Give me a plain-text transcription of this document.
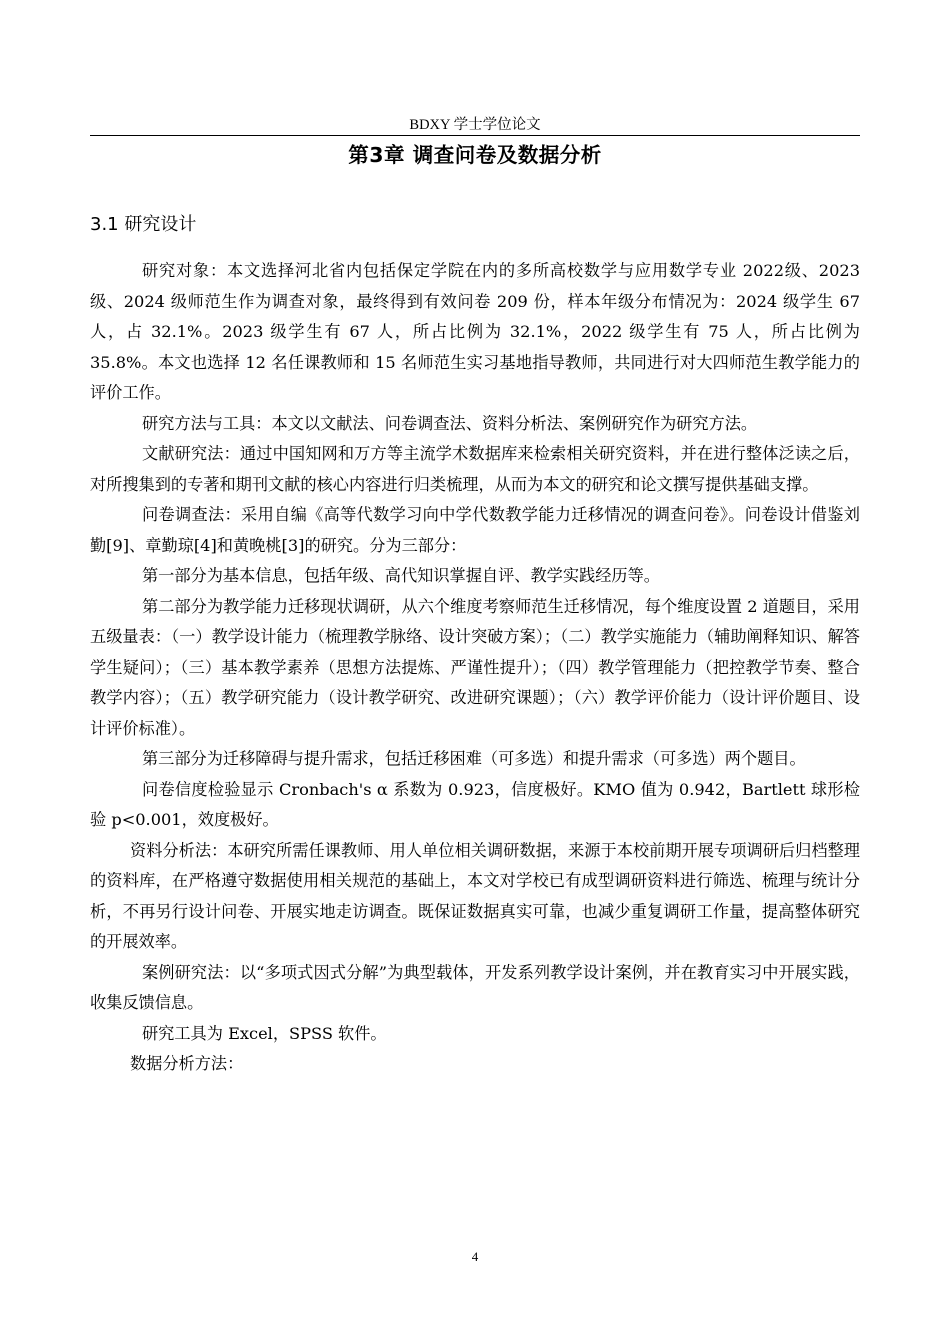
BDXY 学士学位论文
第3章 调查问卷及数据分析
3.1 研究设计

研究对象：本文选择河北省内包括保定学院在内的多所高校数学与应用数学专业 2022级、2023 级、2024 级师范生作为调查对象，最终得到有效问卷 209 份，样本年级分布情况为：2024 级学生 67 人，占 32.1%。2023 级学生有 67 人，所占比例为 32.1%，2022 级学生有 75 人，所占比例为 35.8%。本文也选择 12 名任课教师和 15 名师范生实习基地指导教师，共同进行对大四师范生教学能力的评价工作。

研究方法与工具：本文以文献法、问卷调查法、资料分析法、案例研究作为研究方法。

文献研究法：通过中国知网和万方等主流学术数据库来检索相关研究资料，并在进行整体泛读之后，对所搜集到的专著和期刊文献的核心内容进行归类梳理，从而为本文的研究和论文撰写提供基础支撑。

问卷调查法：采用自编《高等代数学习向中学代数教学能力迁移情况的调查问卷》。问卷设计借鉴刘勤[9]、章勤琼[4]和黄晚桃[3]的研究。分为三部分：

第一部分为基本信息，包括年级、高代知识掌握自评、教学实践经历等。

第二部分为教学能力迁移现状调研，从六个维度考察师范生迁移情况，每个维度设置 2 道题目，采用五级量表：（一）教学设计能力（梳理教学脉络、设计突破方案）；（二）教学实施能力（辅助阐释知识、解答学生疑问）；（三）基本教学素养（思想方法提炼、严谨性提升）；（四）教学管理能力（把控教学节奏、整合教学内容）；（五）教学研究能力（设计教学研究、改进研究课题）；（六）教学评价能力（设计评价题目、设计评价标准）。

第三部分为迁移障碍与提升需求，包括迁移困难（可多选）和提升需求（可多选）两个题目。

问卷信度检验显示 Cronbach's α 系数为 0.923，信度极好。KMO 值为 0.942，Bartlett 球形检验 p<0.001，效度极好。

资料分析法：本研究所需任课教师、用人单位相关调研数据，来源于本校前期开展专项调研后归档整理的资料库，在严格遵守数据使用相关规范的基础上，本文对学校已有成型调研资料进行筛选、梳理与统计分析，不再另行设计问卷、开展实地走访调查。既保证数据真实可靠，也减少重复调研工作量，提高整体研究的开展效率。

案例研究法：以“多项式因式分解”为典型载体，开发系列教学设计案例，并在教育实习中开展实践，收集反馈信息。

研究工具为 Excel，SPSS 软件。

数据分析方法：

4
